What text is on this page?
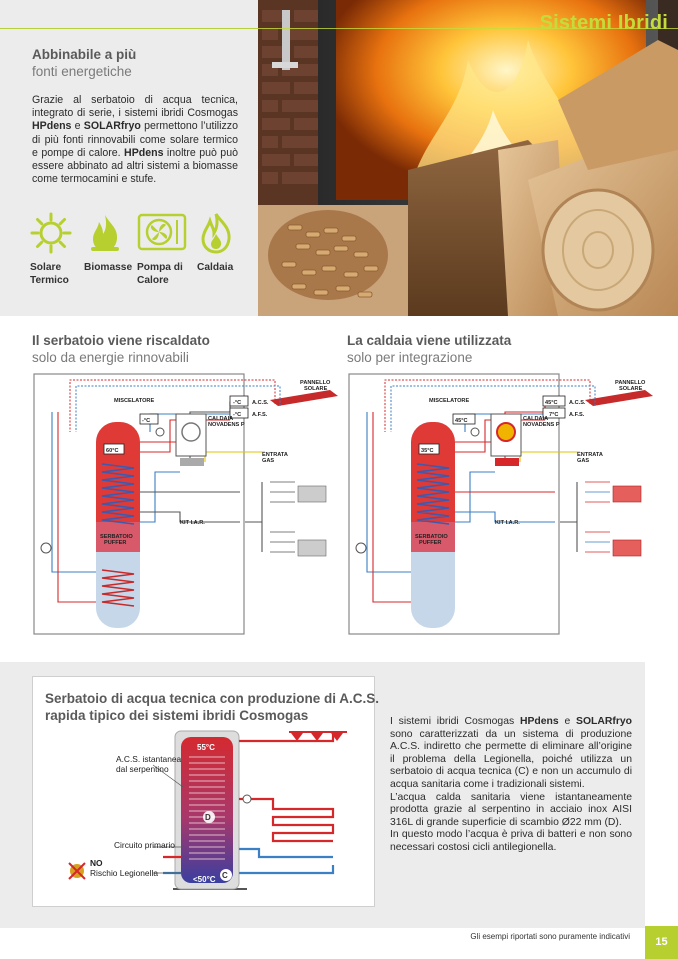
Sistemi Ibridi
Abbinabile a più
fonti energetiche
Grazie al serbatoio di acqua tecnica, integrato di serie, i sistemi ibridi Cosmogas HPdens e SOLARfryo permettono l’utilizzo di più fonti rinnovabili come solare termico e pompe di calore. HPdens inoltre può può essere abbinato ad altri sistemi a biomasse come termocamini e stufe.
Solare
Termico
Biomasse Pompa di
Calore
Caldaia
Il serbatoio viene riscaldato
solo da energie rinnovabili
La caldaia viene utilizzata
solo per integrazione
PANNELLO
SOLARE
60°C
SERBATOIO
PUFFER
MISCELATORE
-°C
-°C
-°C
A.C.S.
A.F.S.
CALDAIA
NOVADENS P
ENTRATA
GAS
KIT I.A.R.
PANNELLO
SOLARE
35°C
SERBATOIO
PUFFER
MISCELATORE
45°C
45°C
7°C
A.C.S.
A.F.S.
CALDAIA
NOVADENS P
ENTRATA
GAS
KIT I.A.R.
Serbatoio di acqua tecnica con produzione di A.C.S.
rapida tipico dei sistemi ibridi Cosmogas
55°C
D
<50°C C
A.C.S. istantanea
dal serpentino
Circuito primario
NO
Rischio Legionella
I sistemi ibridi Cosmogas HPdens e SOLARfryo sono caratterizzati da un sistema di produzione A.C.S. indiretto che permette di eliminare all’origine il problema della Legionella, poiché utilizza un serbatoio di acqua tecnica (C) e non un accumulo di acqua sanitaria come i tradizionali sistemi.
L’acqua calda sanitaria viene istantaneamente prodotta grazie al serpentino in acciaio inox AISI 316L di grande superficie di scambio Ø22 mm (D).
In questo modo l’acqua è priva di batteri e non sono necessari costosi cicli antilegionella.
Gli esempi riportati sono puramente indicativi	15
